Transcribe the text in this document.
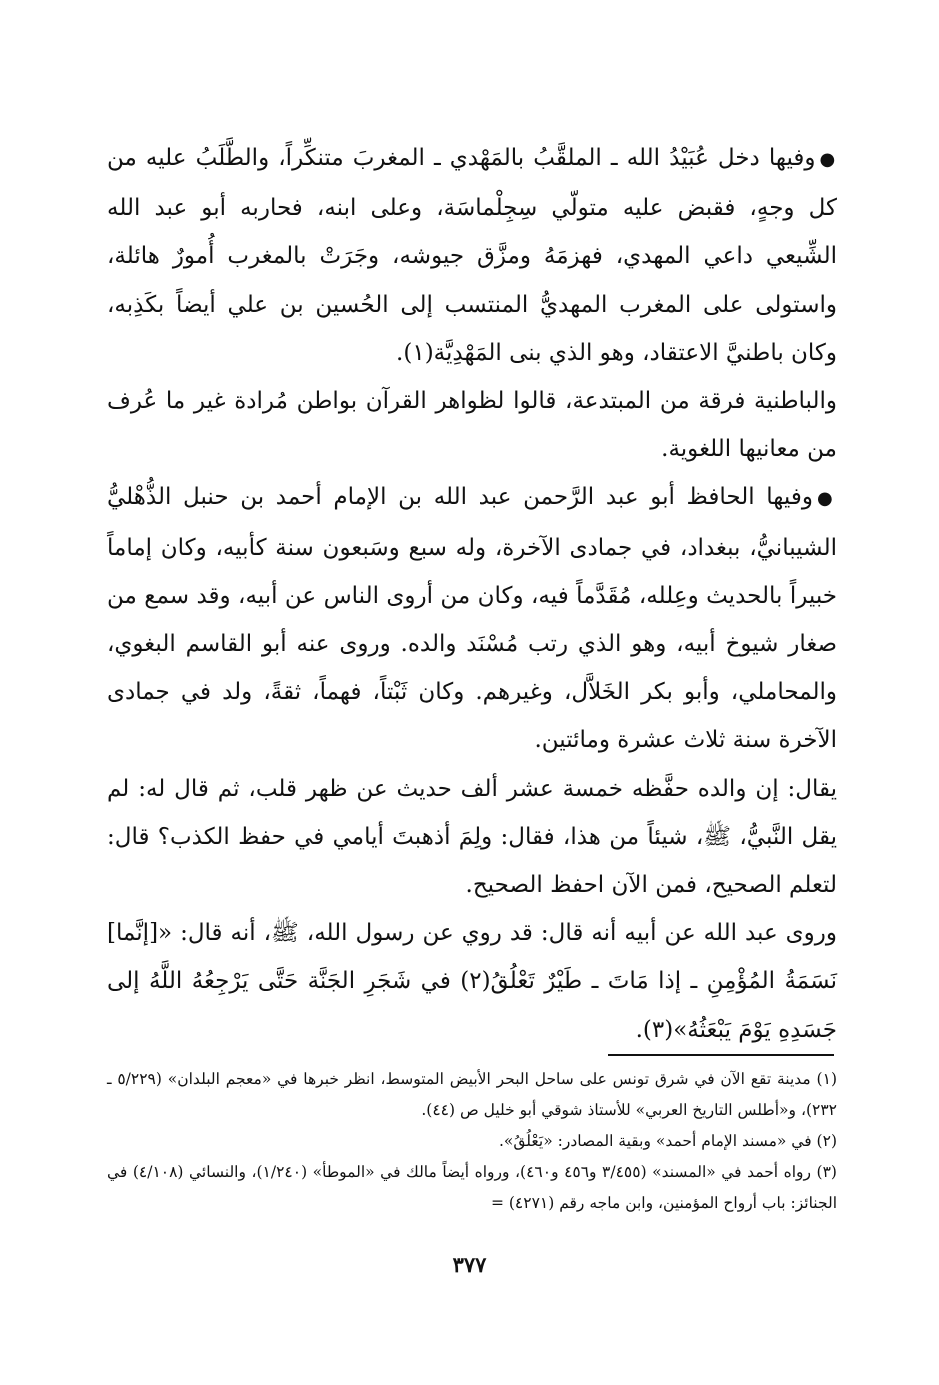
●وفيها دخل عُبَيْدُ الله ـ الملقَّبُ بالمَهْدي ـ المغربَ متنكِّراً، والطَّلَبُ عليه من كل وجهٍ، فقبض عليه متولّي سِجِلْماسَة، وعلى ابنه، فحاربه أبو عبد الله الشِّيعي داعي المهدي، فهزمَهُ ومزَّق جيوشه، وجَرَتْ بالمغرب أُمورٌ هائلة، واستولى على المغرب المهديُّ المنتسب إلى الحُسين بن علي أيضاً بكَذِبه، وكان باطنيَّ الاعتقاد، وهو الذي بنى المَهْدِيَّة(١).

والباطنية فرقة من المبتدعة، قالوا لظواهر القرآن بواطن مُرادة غير ما عُرف من معانيها اللغوية.

●وفيها الحافظ أبو عبد الرَّحمن عبد الله بن الإمام أحمد بن حنبل الذُّهْليُّ الشيبانيُّ، ببغداد، في جمادى الآخرة، وله سبع وسَبعون سنة كأبيه، وكان إماماً خبيراً بالحديث وعِلله، مُقَدَّماً فيه، وكان من أروى الناس عن أبيه، وقد سمع من صغار شيوخ أبيه، وهو الذي رتب مُسْنَد والده. وروى عنه أبو القاسم البغوي، والمحاملي، وأبو بكر الخَلاَّل، وغيرهم. وكان ثَبْتاً، فهماً، ثقةً، ولد في جمادى الآخرة سنة ثلاث عشرة ومائتين.

يقال: إن والده حفَّظه خمسة عشر ألف حديث عن ظهر قلب، ثم قال له: لم يقل النَّبيُّ، ﷺ، شيئاً من هذا، فقال: ولِمَ أذهبتَ أيامي في حفظ الكذب؟ قال: لتعلم الصحيح، فمن الآن احفظ الصحيح.

وروى عبد الله عن أبيه أنه قال: قد روي عن رسول الله، ﷺ، أنه قال: «[إنَّما] نَسَمَةُ المُؤْمِنِ ـ إذا مَاتَ ـ طَيْرٌ تَعْلُقُ(٢) في شَجَرِ الجَنَّة حَتَّى يَرْجِعُهُ اللَّهُ إلى جَسَدِهِ يَوْمَ يَبْعَثُهُ»(٣).

(١) مدينة تقع الآن في شرق تونس على ساحل البحر الأبيض المتوسط، انظر خبرها في «معجم البلدان» (٥/٢٢٩ ـ ٢٣٢)، و«أطلس التاريخ العربي» للأستاذ شوقي أبو خليل ص (٤٤).

(٢) في «مسند الإمام أحمد» وبقية المصادر: «يَعْلُقُ».

(٣) رواه أحمد في «المسند» (٣/٤٥٥ و٤٥٦ و٤٦٠)، ورواه أيضاً مالك في «الموطأ» (١/٢٤٠)، والنسائي (٤/١٠٨) في الجنائز: باب أرواح المؤمنين، وابن ماجه رقم (٤٢٧١) =

٣٧٧
